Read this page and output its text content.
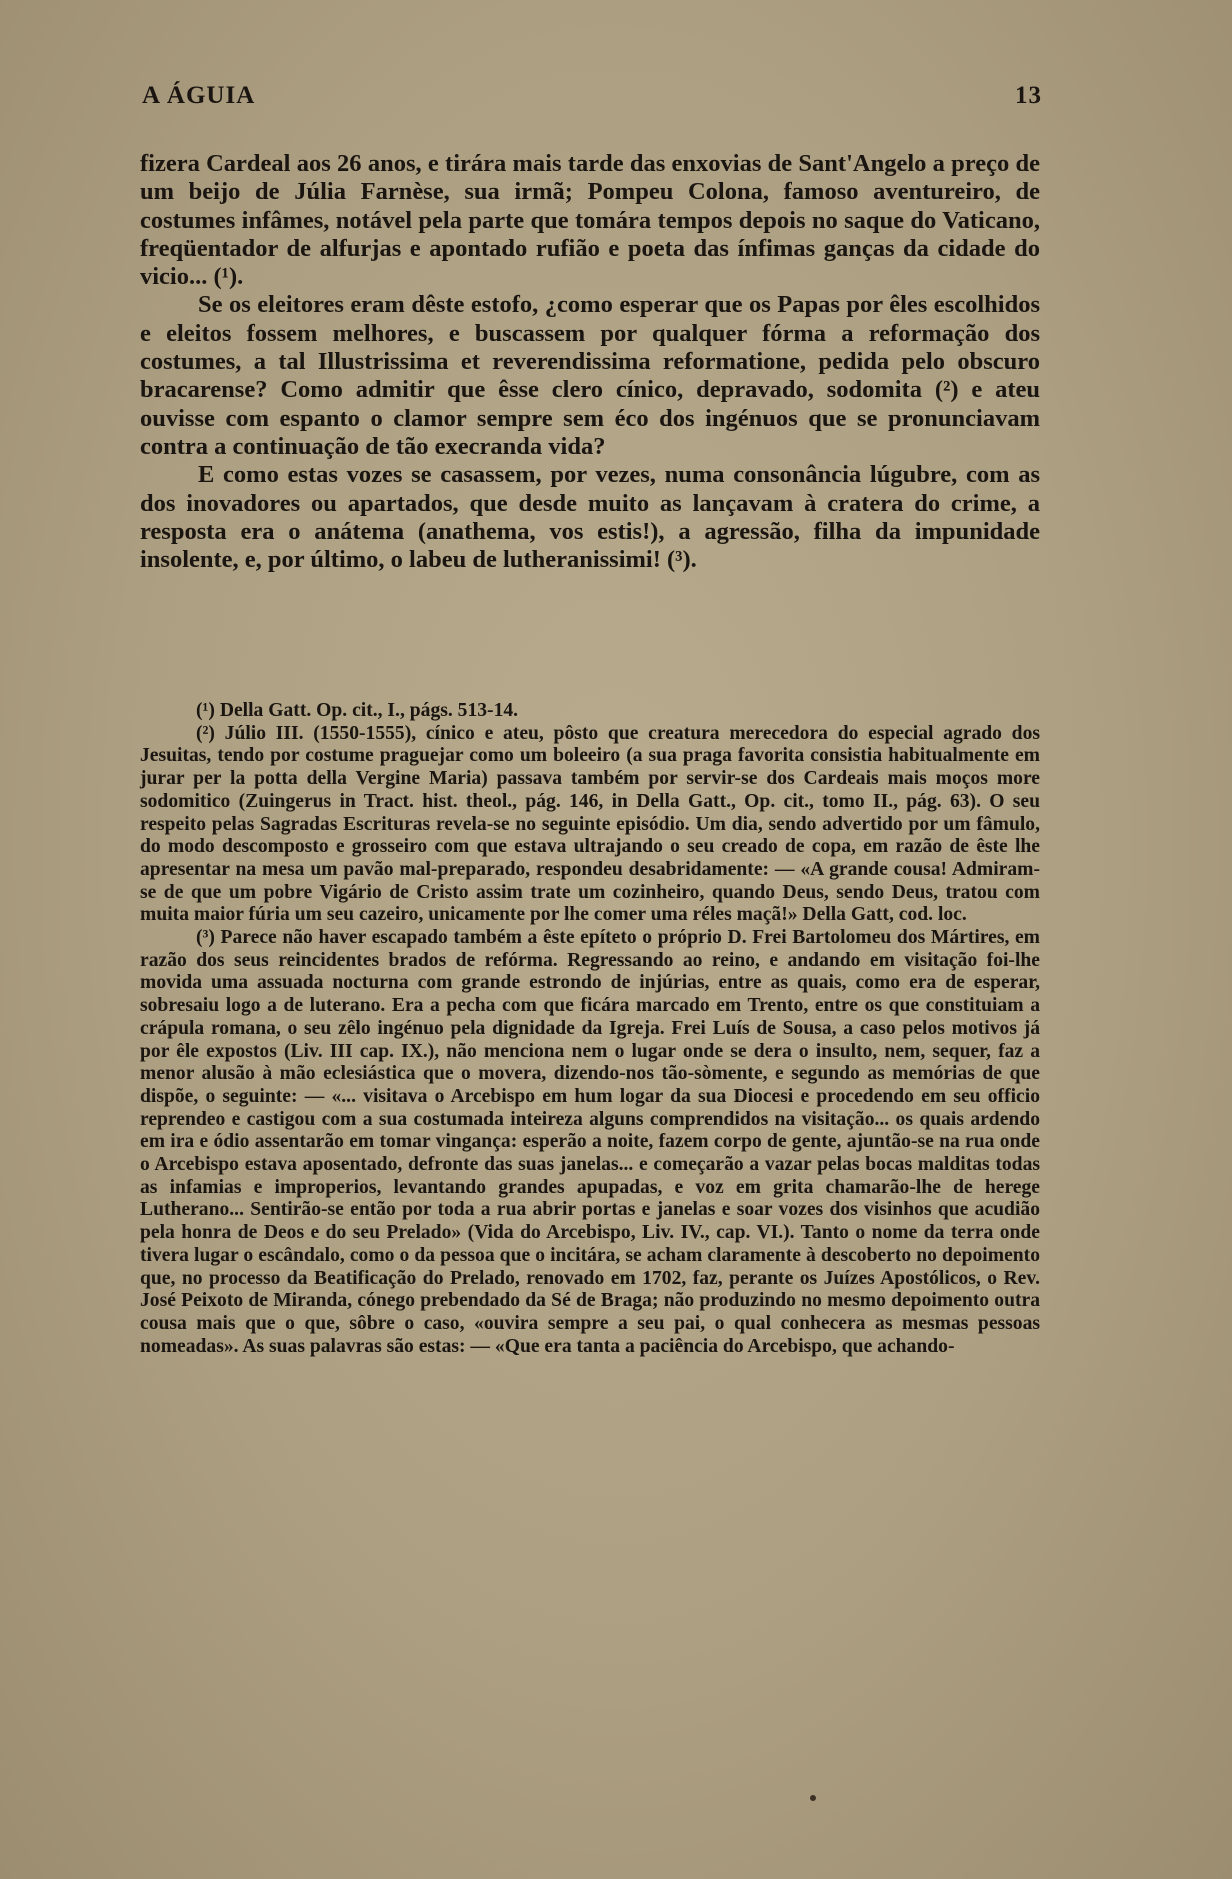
A ÁGUIA	13

fizera Cardeal aos 26 anos, e tirára mais tarde das enxovias de Sant'Angelo a preço de um beijo de Júlia Farnèse, sua irmã; Pompeu Colona, famoso aventureiro, de costumes infâmes, notável pela parte que tomára tempos depois no saque do Vaticano, freqüentador de alfurjas e apontado rufião e poeta das ínfimas ganças da cidade do vicio... (¹).

Se os eleitores eram dêste estofo, ¿como esperar que os Papas por êles escolhidos e eleitos fossem melhores, e buscassem por qualquer fórma a reformação dos costumes, a tal Illustrissima et reverendissima reformatione, pedida pelo obscuro bracarense? Como admitir que êsse clero cínico, depravado, sodomita (²) e ateu ouvisse com espanto o clamor sempre sem éco dos ingénuos que se pronunciavam contra a continuação de tão execranda vida?

E como estas vozes se casassem, por vezes, numa consonância lúgubre, com as dos inovadores ou apartados, que desde muito as lançavam à cratera do crime, a resposta era o anátema (anathema, vos estis!), a agressão, filha da impunidade insolente, e, por último, o labeu de lutheranissimi! (³).

(¹) Della Gatt. Op. cit., I., págs. 513-14.

(²) Júlio III. (1550-1555), cínico e ateu, pôsto que creatura merecedora do especial agrado dos Jesuitas, tendo por costume praguejar como um boleeiro (a sua praga favorita consistia habitualmente em jurar per la potta della Vergine Maria) passava também por servir-se dos Cardeais mais moços more sodomitico (Zuingerus in Tract. hist. theol., pág. 146, in Della Gatt., Op. cit., tomo II., pág. 63). O seu respeito pelas Sagradas Escrituras revela-se no seguinte episódio. Um dia, sendo advertido por um fâmulo, do modo descomposto e grosseiro com que estava ultrajando o seu creado de copa, em razão de êste lhe apresentar na mesa um pavão mal-preparado, respondeu desabridamente: — «A grande cousa! Admiram-se de que um pobre Vigário de Cristo assim trate um cozinheiro, quando Deus, sendo Deus, tratou com muita maior fúria um seu cazeiro, unicamente por lhe comer uma réles maçã!» Della Gatt, cod. loc.

(³) Parece não haver escapado também a êste epíteto o próprio D. Frei Bartolomeu dos Mártires, em razão dos seus reincidentes brados de refórma. Regressando ao reino, e andando em visitação foi-lhe movida uma assuada nocturna com grande estrondo de injúrias, entre as quais, como era de esperar, sobresaiu logo a de luterano. Era a pecha com que ficára marcado em Trento, entre os que constituiam a crápula romana, o seu zêlo ingénuo pela dignidade da Igreja. Frei Luís de Sousa, a caso pelos motivos já por êle expostos (Liv. III cap. IX.), não menciona nem o lugar onde se dera o insulto, nem, sequer, faz a menor alusão à mão eclesiástica que o movera, dizendo-nos tão-sòmente, e segundo as memórias de que dispõe, o seguinte: — «... visitava o Arcebispo em hum logar da sua Diocesi e procedendo em seu officio reprendeo e castigou com a sua costumada inteireza alguns comprendidos na visitação... os quais ardendo em ira e ódio assentarão em tomar vingança: esperão a noite, fazem corpo de gente, ajuntão-se na rua onde o Arcebispo estava aposentado, defronte das suas janelas... e começarão a vazar pelas bocas malditas todas as infamias e improperios, levantando grandes apupadas, e voz em grita chamarão-lhe de herege Lutherano... Sentirão-se então por toda a rua abrir portas e janelas e soar vozes dos visinhos que acudião pela honra de Deos e do seu Prelado» (Vida do Arcebispo, Liv. IV., cap. VI.). Tanto o nome da terra onde tivera lugar o escândalo, como o da pessoa que o incitára, se acham claramente à descoberto no depoimento que, no processo da Beatificação do Prelado, renovado em 1702, faz, perante os Juízes Apostólicos, o Rev. José Peixoto de Miranda, cónego prebendado da Sé de Braga; não produzindo no mesmo depoimento outra cousa mais que o que, sôbre o caso, «ouvira sempre a seu pai, o qual conhecera as mesmas pessoas nomeadas». As suas palavras são estas: — «Que era tanta a paciência do Arcebispo, que achando-
